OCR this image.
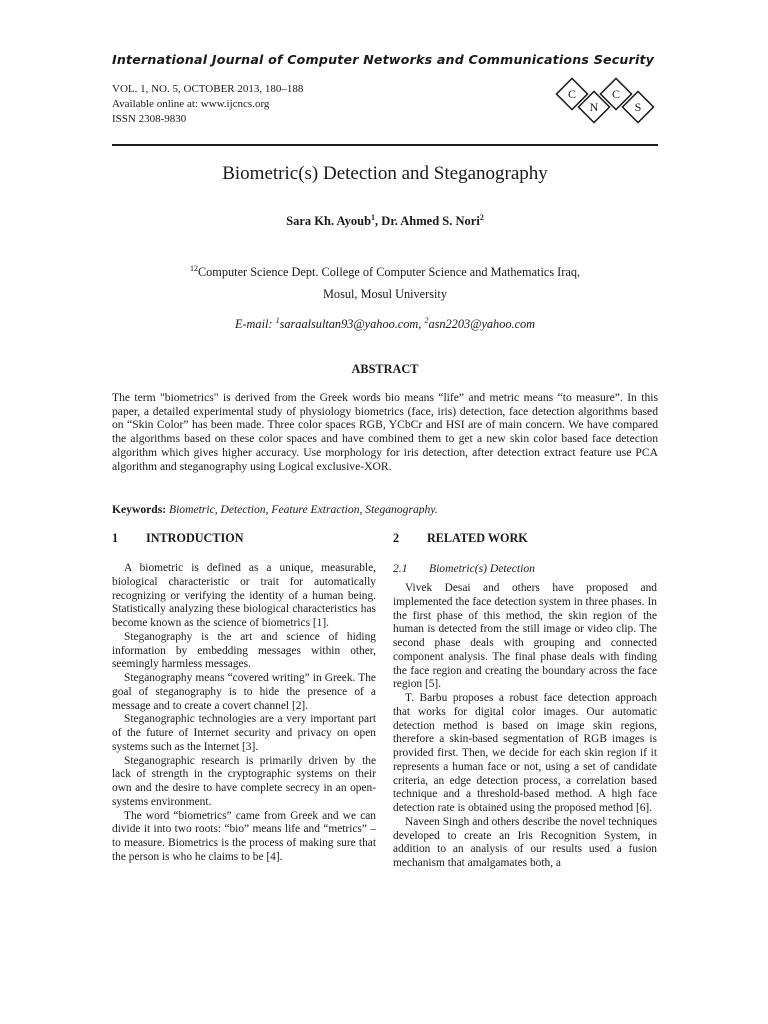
International Journal of Computer Networks and Communications Security
VOL. 1, NO. 5, OCTOBER 2013, 180–188
Available online at: www.ijcncs.org
ISSN 2308-9830
C
N
C
S
Biometric(s) Detection and Steganography
Sara Kh. Ayoub$^1$, Dr. Ahmed S. Nori$^2$
$^{12}$Computer Science Dept. College of Computer Science and Mathematics Iraq,
Mosul, Mosul University
E-mail: $^1$saraalsultan93@yahoo.com, $^2$asn2203@yahoo.com
ABSTRACT
The term "biometrics" is derived from the Greek words bio means “life” and metric means “to measure”. In this paper, a detailed experimental study of physiology biometrics (face, iris) detection, face detection algorithms based on “Skin Color” has been made. Three color spaces RGB, YCbCr and HSI are of main concern. We have compared the algorithms based on these color spaces and have combined them to get a new skin color based face detection algorithm which gives higher accuracy. Use morphology for iris detection, after detection extract feature use PCA algorithm and steganography using Logical exclusive-XOR.
Keywords: Biometric, Detection, Feature Extraction, Steganography.
1 INTRODUCTION

A biometric is defined as a unique, measurable, biological characteristic or trait for automatically recognizing or verifying the identity of a human being. Statistically analyzing these biological characteristics has become known as the science of biometrics [1].

Steganography is the art and science of hiding information by embedding messages within other, seemingly harmless messages.

Steganography means “covered writing” in Greek. The goal of steganography is to hide the presence of a message and to create a covert channel [2].

Steganographic technologies are a very important part of the future of Internet security and privacy on open systems such as the Internet [3].

Steganographic research is primarily driven by the lack of strength in the cryptographic systems on their own and the desire to have complete secrecy in an open-systems environment.

The word “biometrics” came from Greek and we can divide it into two roots: “bio” means life and “metrics” – to measure. Biometrics is the process of making sure that the person is who he claims to be [4].

2 RELATED WORK
2.1 Biometric(s) Detection

Vivek Desai and others have proposed and implemented the face detection system in three phases. In the first phase of this method, the skin region of the human is detected from the still image or video clip. The second phase deals with grouping and connected component analysis. The final phase deals with finding the face region and creating the boundary across the face region [5].

T. Barbu proposes a robust face detection approach that works for digital color images. Our automatic detection method is based on image skin regions, therefore a skin-based segmentation of RGB images is provided first. Then, we decide for each skin region if it represents a human face or not, using a set of candidate criteria, an edge detection process, a correlation based technique and a threshold-based method. A high face detection rate is obtained using the proposed method [6].

Naveen Singh and others describe the novel techniques developed to create an Iris Recognition System, in addition to an analysis of our results used a fusion mechanism that amalgamates both, a
